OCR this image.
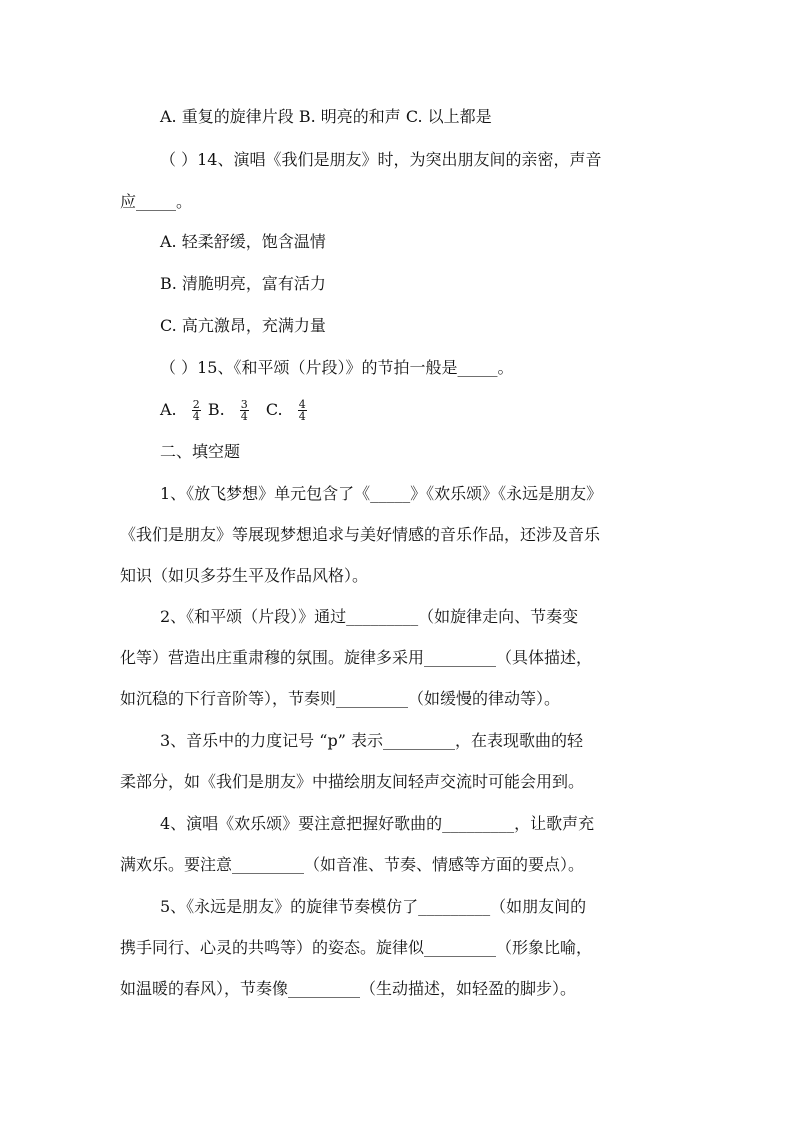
A. 重复的旋律片段 B. 明亮的和声 C. 以上都是
（ ）14、演唱《我们是朋友》时，为突出朋友间的亲密，声音
应_____。
A. 轻柔舒缓，饱含温情
B. 清脆明亮，富有活力
C. 高亢激昂，充满力量
（ ）15、《和平颂（片段）》的节拍一般是_____。
A. $\frac{2}{4} B$. $\frac{3}{4} C$. $\frac{4}{4}$
二、填空题
1、《放飞梦想》单元包含了《_____》《欢乐颂》《永远是朋友》
《我们是朋友》等展现梦想追求与美好情感的音乐作品，还涉及音乐
知识（如贝多芬生平及作品风格）。
2、《和平颂（片段）》通过_________（如旋律走向、节奏变
化等）营造出庄重肃穆的氛围。旋律多采用_________（具体描述，
如沉稳的下行音阶等），节奏则_________（如缓慢的律动等）。
3、音乐中的力度记号 “p” 表示_________，在表现歌曲的轻
柔部分，如《我们是朋友》中描绘朋友间轻声交流时可能会用到。
4、演唱《欢乐颂》要注意把握好歌曲的_________，让歌声充
满欢乐。要注意_________（如音准、节奏、情感等方面的要点）。
5、《永远是朋友》的旋律节奏模仿了_________（如朋友间的
携手同行、心灵的共鸣等）的姿态。旋律似_________（形象比喻，
如温暖的春风），节奏像_________（生动描述，如轻盈的脚步）。
